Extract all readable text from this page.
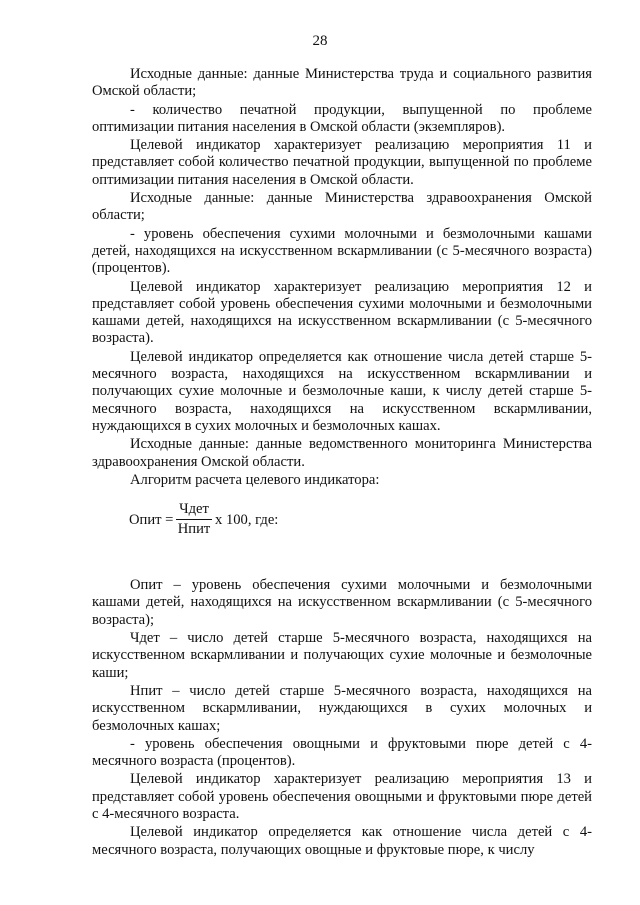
28

Исходные данные: данные Министерства труда и социального развития Омской области;

- количество печатной продукции, выпущенной по проблеме оптимизации питания населения в Омской области (экземпляров).

Целевой индикатор характеризует реализацию мероприятия 11 и представляет собой количество печатной продукции, выпущенной по проблеме оптимизации питания населения в Омской области.

Исходные данные: данные Министерства здравоохранения Омской области;

- уровень обеспечения сухими молочными и безмолочными кашами детей, находящихся на искусственном вскармливании (с 5-месячного возраста) (процентов).

Целевой индикатор характеризует реализацию мероприятия 12 и представляет собой уровень обеспечения сухими молочными и безмолочными кашами детей, находящихся на искусственном вскармливании (с 5-месячного возраста).

Целевой индикатор определяется как отношение числа детей старше 5-месячного возраста, находящихся на искусственном вскармливании и получающих сухие молочные и безмолочные каши, к числу детей старше 5-месячного возраста, находящихся на искусственном вскармливании, нуждающихся в сухих молочных и безмолочных кашах.

Исходные данные: данные ведомственного мониторинга Министерства здравоохранения Омской области.

Алгоритм расчета целевого индикатора:

Опит =
Чдет
Нпит
x 100, где:

Опит – уровень обеспечения сухими молочными и безмолочными кашами детей, находящихся на искусственном вскармливании (с 5-месячного возраста);

Чдет – число детей старше 5-месячного возраста, находящихся на искусственном вскармливании и получающих сухие молочные и безмолочные каши;

Нпит – число детей старше 5-месячного возраста, находящихся на искусственном вскармливании, нуждающихся в сухих молочных и безмолочных кашах;

- уровень обеспечения овощными и фруктовыми пюре детей с 4-месячного возраста (процентов).

Целевой индикатор характеризует реализацию мероприятия 13 и представляет собой уровень обеспечения овощными и фруктовыми пюре детей с 4-месячного возраста.

Целевой индикатор определяется как отношение числа детей с 4-месячного возраста, получающих овощные и фруктовые пюре, к числу
